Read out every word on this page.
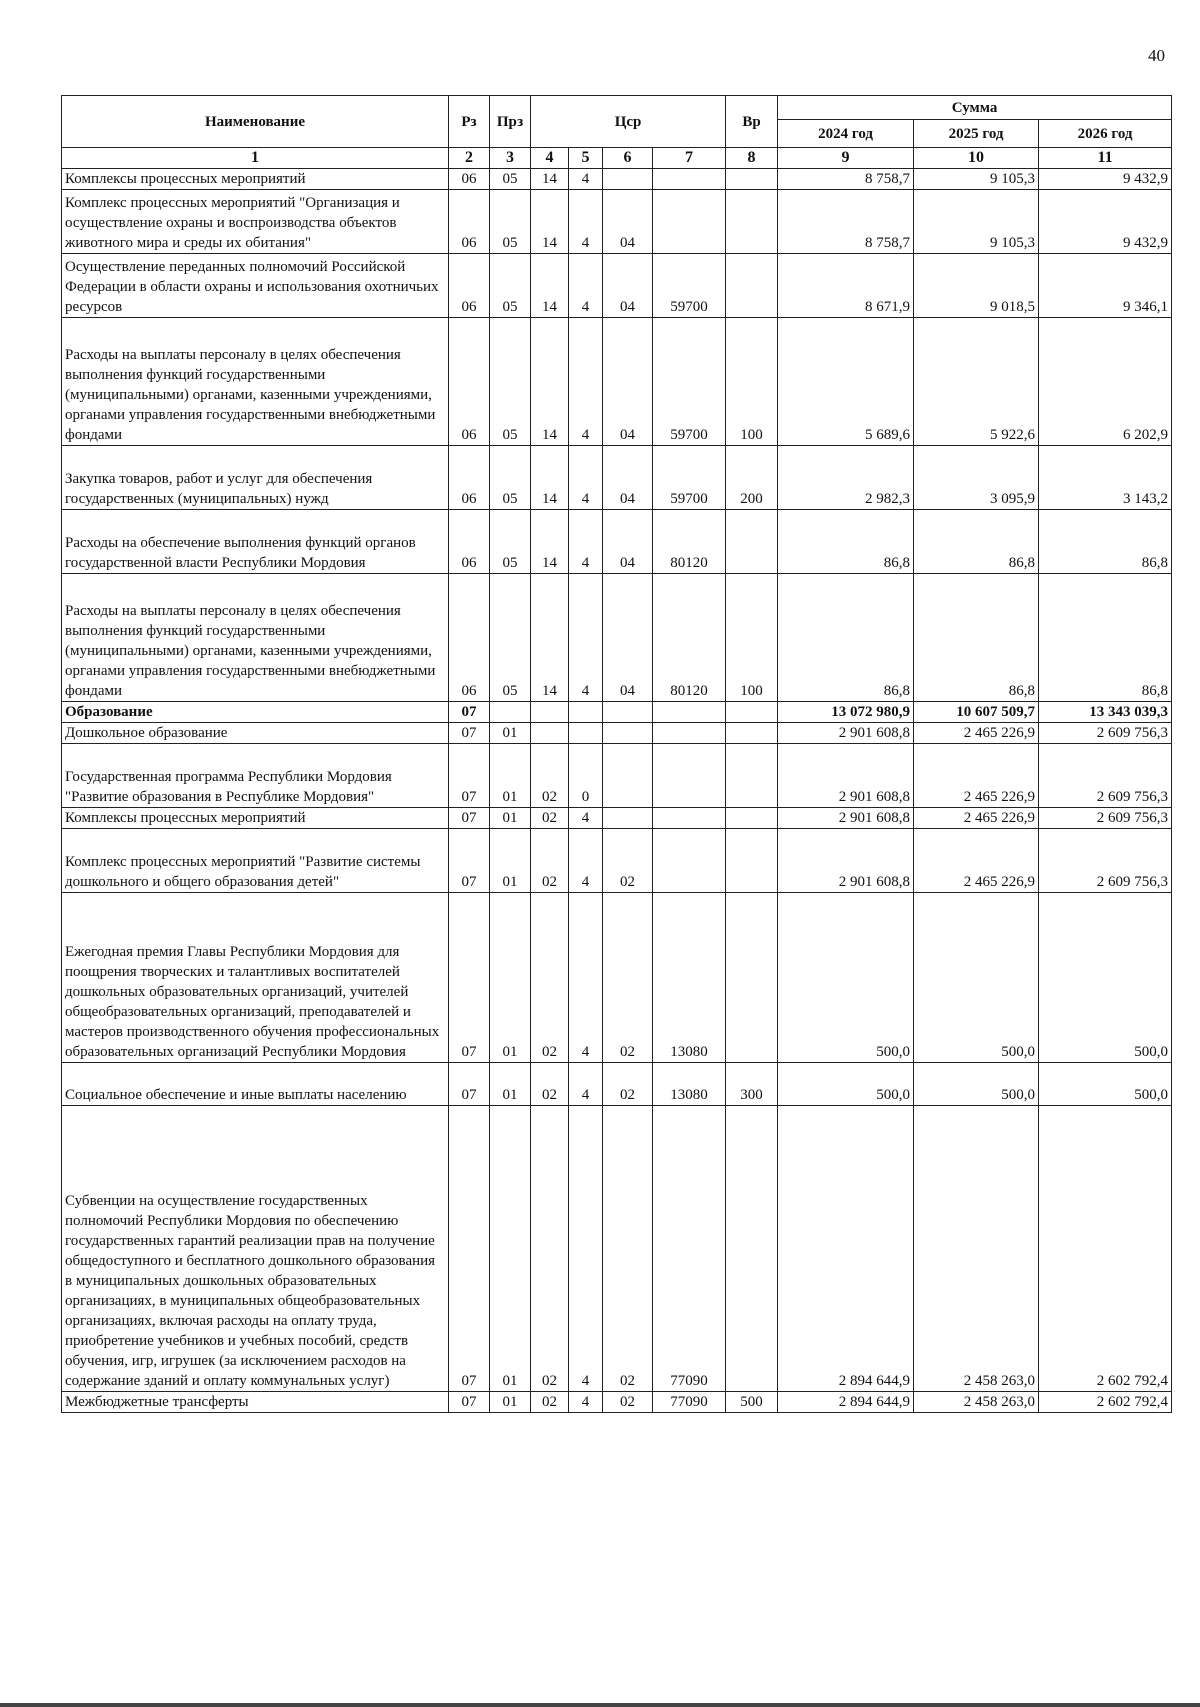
40
Наименование	Рз	Прз	Цср				Вр	Сумма		
								2024 год	2025 год	2026 год
1	2	3	4	5	6	7	8	9	10	11
Комплексы процессных мероприятий	06	05	14	4				8 758,7	9 105,3	9 432,9
Комплекс процессных мероприятий "Организация и осуществление охраны и воспроизводства объектов животного мира и среды их обитания"	06	05	14	4	04			8 758,7	9 105,3	9 432,9
Осуществление переданных полномочий Российской Федерации в области охраны и использования охотничьих ресурсов	06	05	14	4	04	59700		8 671,9	9 018,5	9 346,1
Расходы на выплаты персоналу в целях обеспечения выполнения функций государственными (муниципальными) органами, казенными учреждениями, органами управления государственными внебюджетными фондами	06	05	14	4	04	59700	100	5 689,6	5 922,6	6 202,9
Закупка товаров, работ и услуг для обеспечения государственных (муниципальных) нужд	06	05	14	4	04	59700	200	2 982,3	3 095,9	3 143,2
Расходы на обеспечение выполнения функций органов государственной власти Республики Мордовия	06	05	14	4	04	80120		86,8	86,8	86,8
Расходы на выплаты персоналу в целях обеспечения выполнения функций государственными (муниципальными) органами, казенными учреждениями, органами управления государственными внебюджетными фондами	06	05	14	4	04	80120	100	86,8	86,8	86,8
Образование	07							13 072 980,9	10 607 509,7	13 343 039,3
Дошкольное образование	07	01						2 901 608,8	2 465 226,9	2 609 756,3
Государственная программа Республики Мордовия "Развитие образования в Республике Мордовия"	07	01	02	0				2 901 608,8	2 465 226,9	2 609 756,3
Комплексы процессных мероприятий	07	01	02	4				2 901 608,8	2 465 226,9	2 609 756,3
Комплекс процессных мероприятий "Развитие системы дошкольного и общего образования детей"	07	01	02	4	02			2 901 608,8	2 465 226,9	2 609 756,3
Ежегодная премия Главы Республики Мордовия для поощрения творческих и талантливых воспитателей дошкольных образовательных организаций, учителей общеобразовательных организаций, преподавателей и мастеров производственного обучения профессиональных образовательных организаций Республики Мордовия	07	01	02	4	02	13080		500,0	500,0	500,0
Социальное обеспечение и иные выплаты населению	07	01	02	4	02	13080	300	500,0	500,0	500,0
Субвенции на осуществление государственных полномочий Республики Мордовия по обеспечению государственных гарантий реализации прав на получение общедоступного и бесплатного дошкольного образования в муниципальных дошкольных образовательных организациях, в муниципальных общеобразовательных организациях, включая расходы на оплату труда, приобретение учебников и учебных пособий, средств обучения, игр, игрушек (за исключением расходов на содержание зданий и оплату коммунальных услуг)	07	01	02	4	02	77090		2 894 644,9	2 458 263,0	2 602 792,4
Межбюджетные трансферты	07	01	02	4	02	77090	500	2 894 644,9	2 458 263,0	2 602 792,4
